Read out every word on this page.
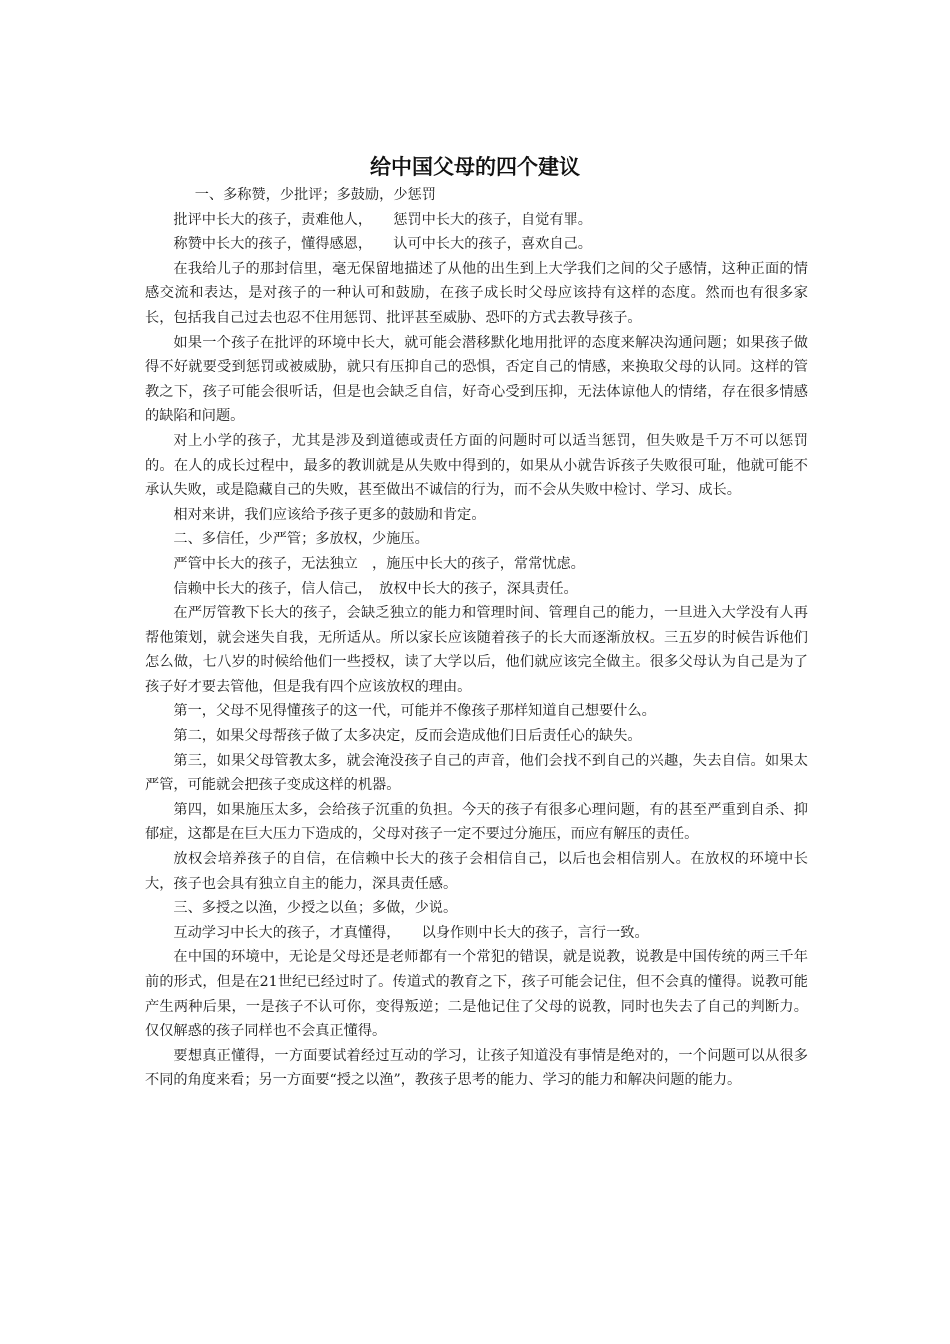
给中国父母的四个建议

一、多称赞，少批评；多鼓励，少惩罚

批评中长大的孩子，责难他人，　　惩罚中长大的孩子，自觉有罪。

称赞中长大的孩子，懂得感恩，　　认可中长大的孩子，喜欢自己。

在我给儿子的那封信里，毫无保留地描述了从他的出生到上大学我们之间的父子感情，这种正面的情感交流和表达，是对孩子的一种认可和鼓励，在孩子成长时父母应该持有这样的态度。然而也有很多家长，包括我自己过去也忍不住用惩罚、批评甚至威胁、恐吓的方式去教导孩子。

如果一个孩子在批评的环境中长大，就可能会潜移默化地用批评的态度来解决沟通问题；如果孩子做得不好就要受到惩罚或被威胁，就只有压抑自己的恐惧，否定自己的情感，来换取父母的认同。这样的管教之下，孩子可能会很听话，但是也会缺乏自信，好奇心受到压抑，无法体谅他人的情绪，存在很多情感的缺陷和问题。

对上小学的孩子，尤其是涉及到道德或责任方面的问题时可以适当惩罚，但失败是千万不可以惩罚的。在人的成长过程中，最多的教训就是从失败中得到的，如果从小就告诉孩子失败很可耻，他就可能不承认失败，或是隐藏自己的失败，甚至做出不诚信的行为，而不会从失败中检讨、学习、成长。

相对来讲，我们应该给予孩子更多的鼓励和肯定。

二、多信任，少严管；多放权，少施压。

严管中长大的孩子，无法独立　，施压中长大的孩子，常常忧虑。

信赖中长大的孩子，信人信己，　放权中长大的孩子，深具责任。

在严厉管教下长大的孩子，会缺乏独立的能力和管理时间、管理自己的能力，一旦进入大学没有人再帮他策划，就会迷失自我，无所适从。所以家长应该随着孩子的长大而逐渐放权。三五岁的时候告诉他们怎么做，七八岁的时候给他们一些授权，读了大学以后，他们就应该完全做主。很多父母认为自己是为了孩子好才要去管他，但是我有四个应该放权的理由。

第一，父母不见得懂孩子的这一代，可能并不像孩子那样知道自己想要什么。

第二，如果父母帮孩子做了太多决定，反而会造成他们日后责任心的缺失。

第三，如果父母管教太多，就会淹没孩子自己的声音，他们会找不到自己的兴趣，失去自信。如果太严管，可能就会把孩子变成这样的机器。

第四，如果施压太多，会给孩子沉重的负担。今天的孩子有很多心理问题，有的甚至严重到自杀、抑郁症，这都是在巨大压力下造成的，父母对孩子一定不要过分施压，而应有解压的责任。

放权会培养孩子的自信，在信赖中长大的孩子会相信自己，以后也会相信别人。在放权的环境中长大，孩子也会具有独立自主的能力，深具责任感。

三、多授之以渔，少授之以鱼；多做，少说。

互动学习中长大的孩子，才真懂得，　　以身作则中长大的孩子，言行一致。

在中国的环境中，无论是父母还是老师都有一个常犯的错误，就是说教，说教是中国传统的两三千年前的形式，但是在21世纪已经过时了。传道式的教育之下，孩子可能会记住，但不会真的懂得。说教可能产生两种后果，一是孩子不认可你，变得叛逆；二是他记住了父母的说教，同时也失去了自己的判断力。仅仅解惑的孩子同样也不会真正懂得。

要想真正懂得，一方面要试着经过互动的学习，让孩子知道没有事情是绝对的，一个问题可以从很多不同的角度来看；另一方面要“授之以渔”，教孩子思考的能力、学习的能力和解决问题的能力。
